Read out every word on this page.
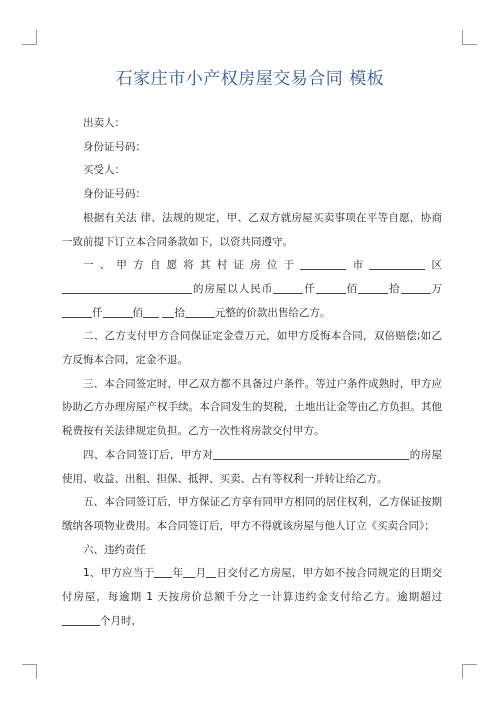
石家庄市小产权房屋交易合同 模板

出卖人：

身份证号码：

买受人：

身份证号码：

根据有关法 律、法规的规定，甲、乙双方就房屋买卖事项在平等自愿，协商一致前提下订立本合同条款如下，以资共同遵守。

一、甲方自愿将其村证房位于	市	区的房屋以人民币	仟	佰	拾	万仟	佰	拾	元整的价款出售给乙方。

二、乙方支付甲方合同保证定金壹万元，如甲方反悔本合同，双倍赔偿;如乙方反悔本合同，定金不退。

三、本合同签定时，甲乙双方都不具备过户条件。等过户条件成熟时，甲方应协助乙方办理房屋产权手续。本合同发生的契税，土地出让金等由乙方负担。其他税费按有关法律规定负担。乙方一次性将房款交付甲方。

四、本合同签订后，甲方对	的房屋使用、收益、出租、担保、抵押、买卖、占有等权利一并转让给乙方。

五、本合同签订后，甲方保证乙方享有同甲方相同的居住权利，乙方保证按期缴纳各项物业费用。本合同签订后，甲方不得就该房屋与他人订立《买卖合同》；

六、违约责任

1、甲方应当于 年 月 日交付乙方房屋，甲方如不按合同规定的日期交付房屋，每逾期 1 天按房价总额千分之一计算违约金支付给乙方。逾期超过个月时，
